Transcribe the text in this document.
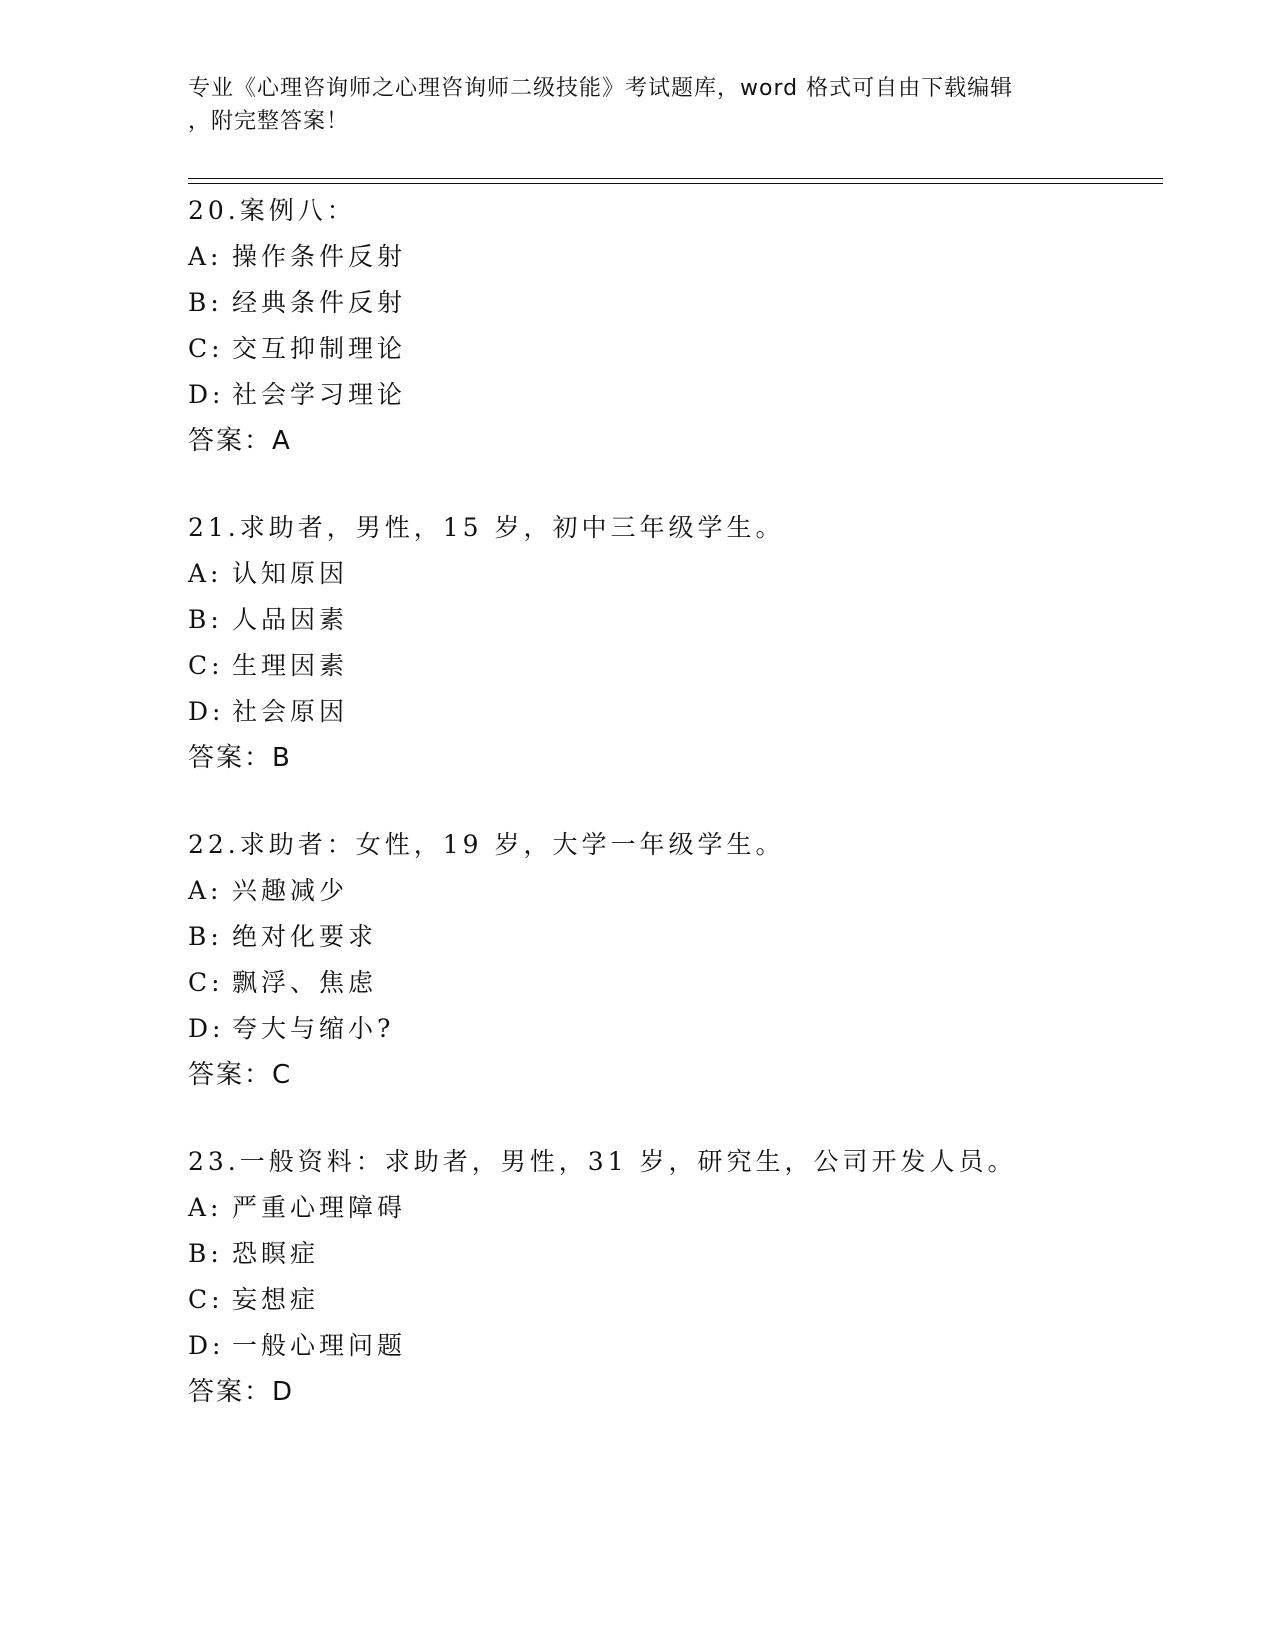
专业《心理咨询师之心理咨询师二级技能》考试题库，word 格式可自由下载编辑
，附完整答案！
20.案例八：
A: 操作条件反射
B: 经典条件反射
C: 交互抑制理论
D: 社会学习理论
答案：A
21.求助者，男性，15 岁，初中三年级学生。
A: 认知原因
B: 人品因素
C: 生理因素
D: 社会原因
答案：B
22.求助者：女性，19 岁，大学一年级学生。
A: 兴趣减少
B: 绝对化要求
C: 飘浮、焦虑
D: 夸大与缩小?
答案：C
23.一般资料：求助者，男性，31 岁，研究生，公司开发人员。
A: 严重心理障碍
B: 恐瞑症
C: 妄想症
D: 一般心理问题
答案：D
